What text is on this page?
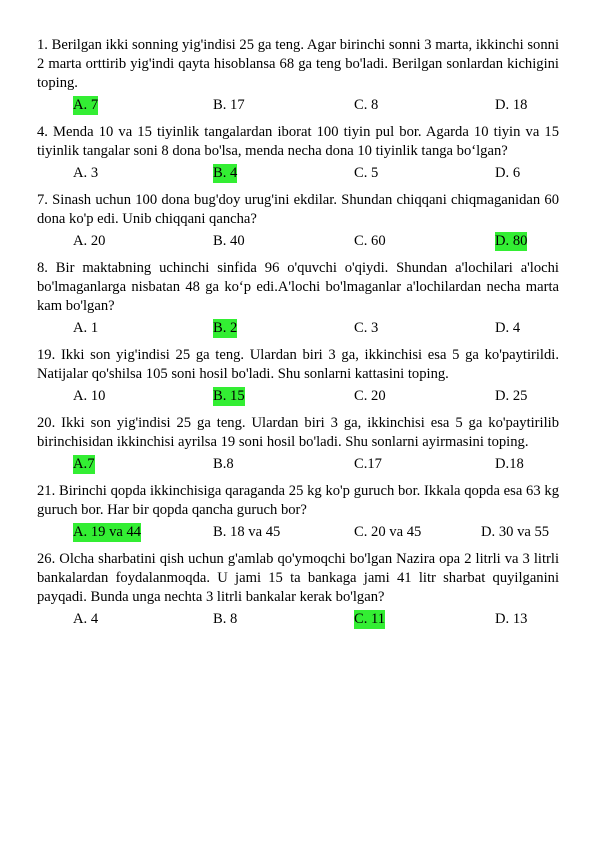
1. Berilgan ikki sonning yig'indisi 25 ga teng. Agar birinchi sonni 3 marta, ikkinchi sonni 2 marta orttirib yig'indi qayta hisoblansa 68 ga teng bo'ladi. Berilgan sonlardan kichigini toping.

A. 7	B. 17	C. 8	D. 18

4. Menda 10 va 15 tiyinlik tangalardan iborat 100 tiyin pul bor. Agarda 10 tiyin va 15 tiyinlik tangalar soni 8 dona bo'lsa, menda necha dona 10 tiyinlik tanga bo‘lgan?

A. 3	B. 4	C. 5	D. 6

7. Sinash uchun 100 dona bug'doy urug'ini ekdilar. Shundan chiqqani chiqmaganidan 60 dona ko'p edi. Unib chiqqani qancha?

A. 20	B. 40	C. 60	D. 80

8. Bir maktabning uchinchi sinfida 96 o'quvchi o'qiydi. Shundan a'lochilari a'lochi bo'lmaganlarga nisbatan 48 ga ko‘p edi.A'lochi bo'lmaganlar a'lochilardan necha marta kam bo'lgan?

A. 1	B. 2	C. 3	D. 4

19. Ikki son yig'indisi 25 ga teng. Ulardan biri 3 ga, ikkinchisi esa 5 ga ko'paytirildi. Natijalar qo'shilsa 105 soni hosil bo'ladi. Shu sonlarni kattasini toping.

A. 10	B. 15	C. 20	D. 25

20. Ikki son yig'indisi 25 ga teng. Ulardan biri 3 ga, ikkinchisi esa 5 ga ko'paytirilib birinchisidan ikkinchisi ayrilsa 19 soni hosil bo'ladi. Shu sonlarni ayirmasini toping.

A.7	B.8	C.17	D.18

21. Birinchi qopda ikkinchisiga qaraganda 25 kg ko'p guruch bor. Ikkala qopda esa 63 kg guruch bor. Har bir qopda qancha guruch bor?

A. 19 va 44	B. 18 va 45	C. 20 va 45	D. 30 va 55

26. Olcha sharbatini qish uchun g'amlab qo'ymoqchi bo'lgan Nazira opa 2 litrli va 3 litrli bankalardan foydalanmoqda. U jami 15 ta bankaga jami 41 litr sharbat quyilganini payqadi. Bunda unga nechta 3 litrli bankalar kerak bo'lgan?

A. 4	B. 8	C. 11	D. 13
